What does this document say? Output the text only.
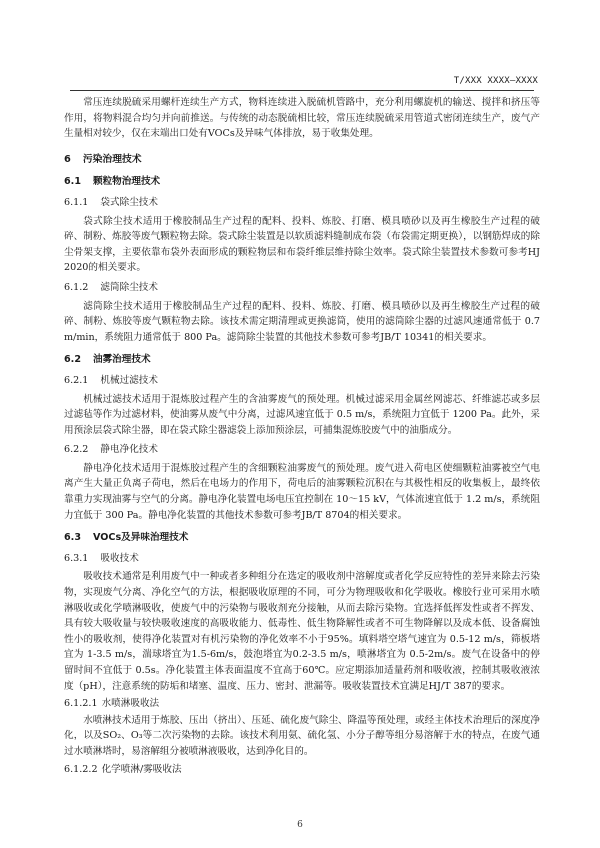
T/XXX XXXX—XXXX

常压连续脱硫采用螺杆连续生产方式，物料连续进入脱硫机管路中，充分利用螺旋机的输送、搅拌和挤压等作用，将物料混合均匀并向前推送。与传统的动态脱硫相比较，常压连续脱硫采用管道式密闭连续生产，废气产生量相对较少，仅在末端出口处有VOCs及异味气体排放，易于收集处理。

6 污染治理技术
6.1 颗粒物治理技术
6.1.1 袋式除尘技术

袋式除尘技术适用于橡胶制品生产过程的配料、投料、炼胶、打磨、模具喷砂以及再生橡胶生产过程的破碎、制粉、炼胶等废气颗粒物去除。袋式除尘装置是以软质滤料缝制成布袋（布袋需定期更换），以钢筋焊成的除尘骨架支撑，主要依靠布袋外表面形成的颗粒物层和布袋纤维层维持除尘效率。袋式除尘装置技术参数可参考HJ 2020的相关要求。

6.1.2 滤筒除尘技术

滤筒除尘技术适用于橡胶制品生产过程的配料、投料、炼胶、打磨、模具喷砂以及再生橡胶生产过程的破碎、制粉、炼胶等废气颗粒物去除。该技术需定期清理或更换滤筒，使用的滤筒除尘器的过滤风速通常低于 0.7 m/min，系统阻力通常低于 800 Pa。滤筒除尘装置的其他技术参数可参考JB/T 10341的相关要求。

6.2 油雾治理技术
6.2.1 机械过滤技术

机械过滤技术适用于混炼胶过程产生的含油雾废气的预处理。机械过滤采用金属丝网滤芯、纤维滤芯或多层过滤毡等作为过滤材料，使油雾从废气中分离，过滤风速宜低于 0.5 m/s，系统阻力宜低于 1200 Pa。此外，采用预涂层袋式除尘器，即在袋式除尘器滤袋上添加预涂层，可捕集混炼胶废气中的油脂成分。

6.2.2 静电净化技术

静电净化技术适用于混炼胶过程产生的含细颗粒油雾废气的预处理。废气进入荷电区使细颗粒油雾被空气电离产生大量正负离子荷电，然后在电场力的作用下，荷电后的油雾颗粒沉积在与其极性相反的收集板上，最终依靠重力实现油雾与空气的分离。静电净化装置电场电压宜控制在 10～15 kV，气体流速宜低于 1.2 m/s，系统阻力宜低于 300 Pa。静电净化装置的其他技术参数可参考JB/T 8704的相关要求。

6.3 VOCs及异味治理技术
6.3.1 吸收技术

吸收技术通常是利用废气中一种或者多种组分在选定的吸收剂中溶解度或者化学反应特性的差异来除去污染物，实现废气分离、净化空气的方法，根据吸收原理的不同，可分为物理吸收和化学吸收。橡胶行业可采用水喷淋吸收或化学喷淋吸收，使废气中的污染物与吸收剂充分接触，从而去除污染物。宜选择低挥发性或者不挥发、具有较大吸收量与较快吸收速度的高吸收能力、低毒性、低生物降解性或者不可生物降解以及成本低、设备腐蚀性小的吸收剂，使得净化装置对有机污染物的净化效率不小于95%。填料塔空塔气速宜为 0.5-12 m/s，筛板塔宜为 1-3.5 m/s，湍球塔宜为1.5-6m/s，鼓泡塔宜为0.2-3.5 m/s，喷淋塔宜为 0.5-2m/s。废气在设备中的停留时间不宜低于 0.5s。净化装置主体表面温度不宜高于60℃。应定期添加适量药剂和吸收液，控制其吸收液浓度（pH），注意系统的防垢和堵塞、温度、压力、密封、泄漏等。吸收装置技术宜满足HJ/T 387的要求。

6.1.2.1 水喷淋吸收法

水喷淋技术适用于炼胶、压出（挤出）、压延、硫化废气除尘、降温等预处理，或经主体技术治理后的深度净化，以及SO₂、O₃等二次污染物的去除。该技术利用氨、硫化氢、小分子醇等组分易溶解于水的特点，在废气通过水喷淋塔时，易溶解组分被喷淋液吸收，达到净化目的。

6.1.2.2 化学喷淋/雾吸收法
6
